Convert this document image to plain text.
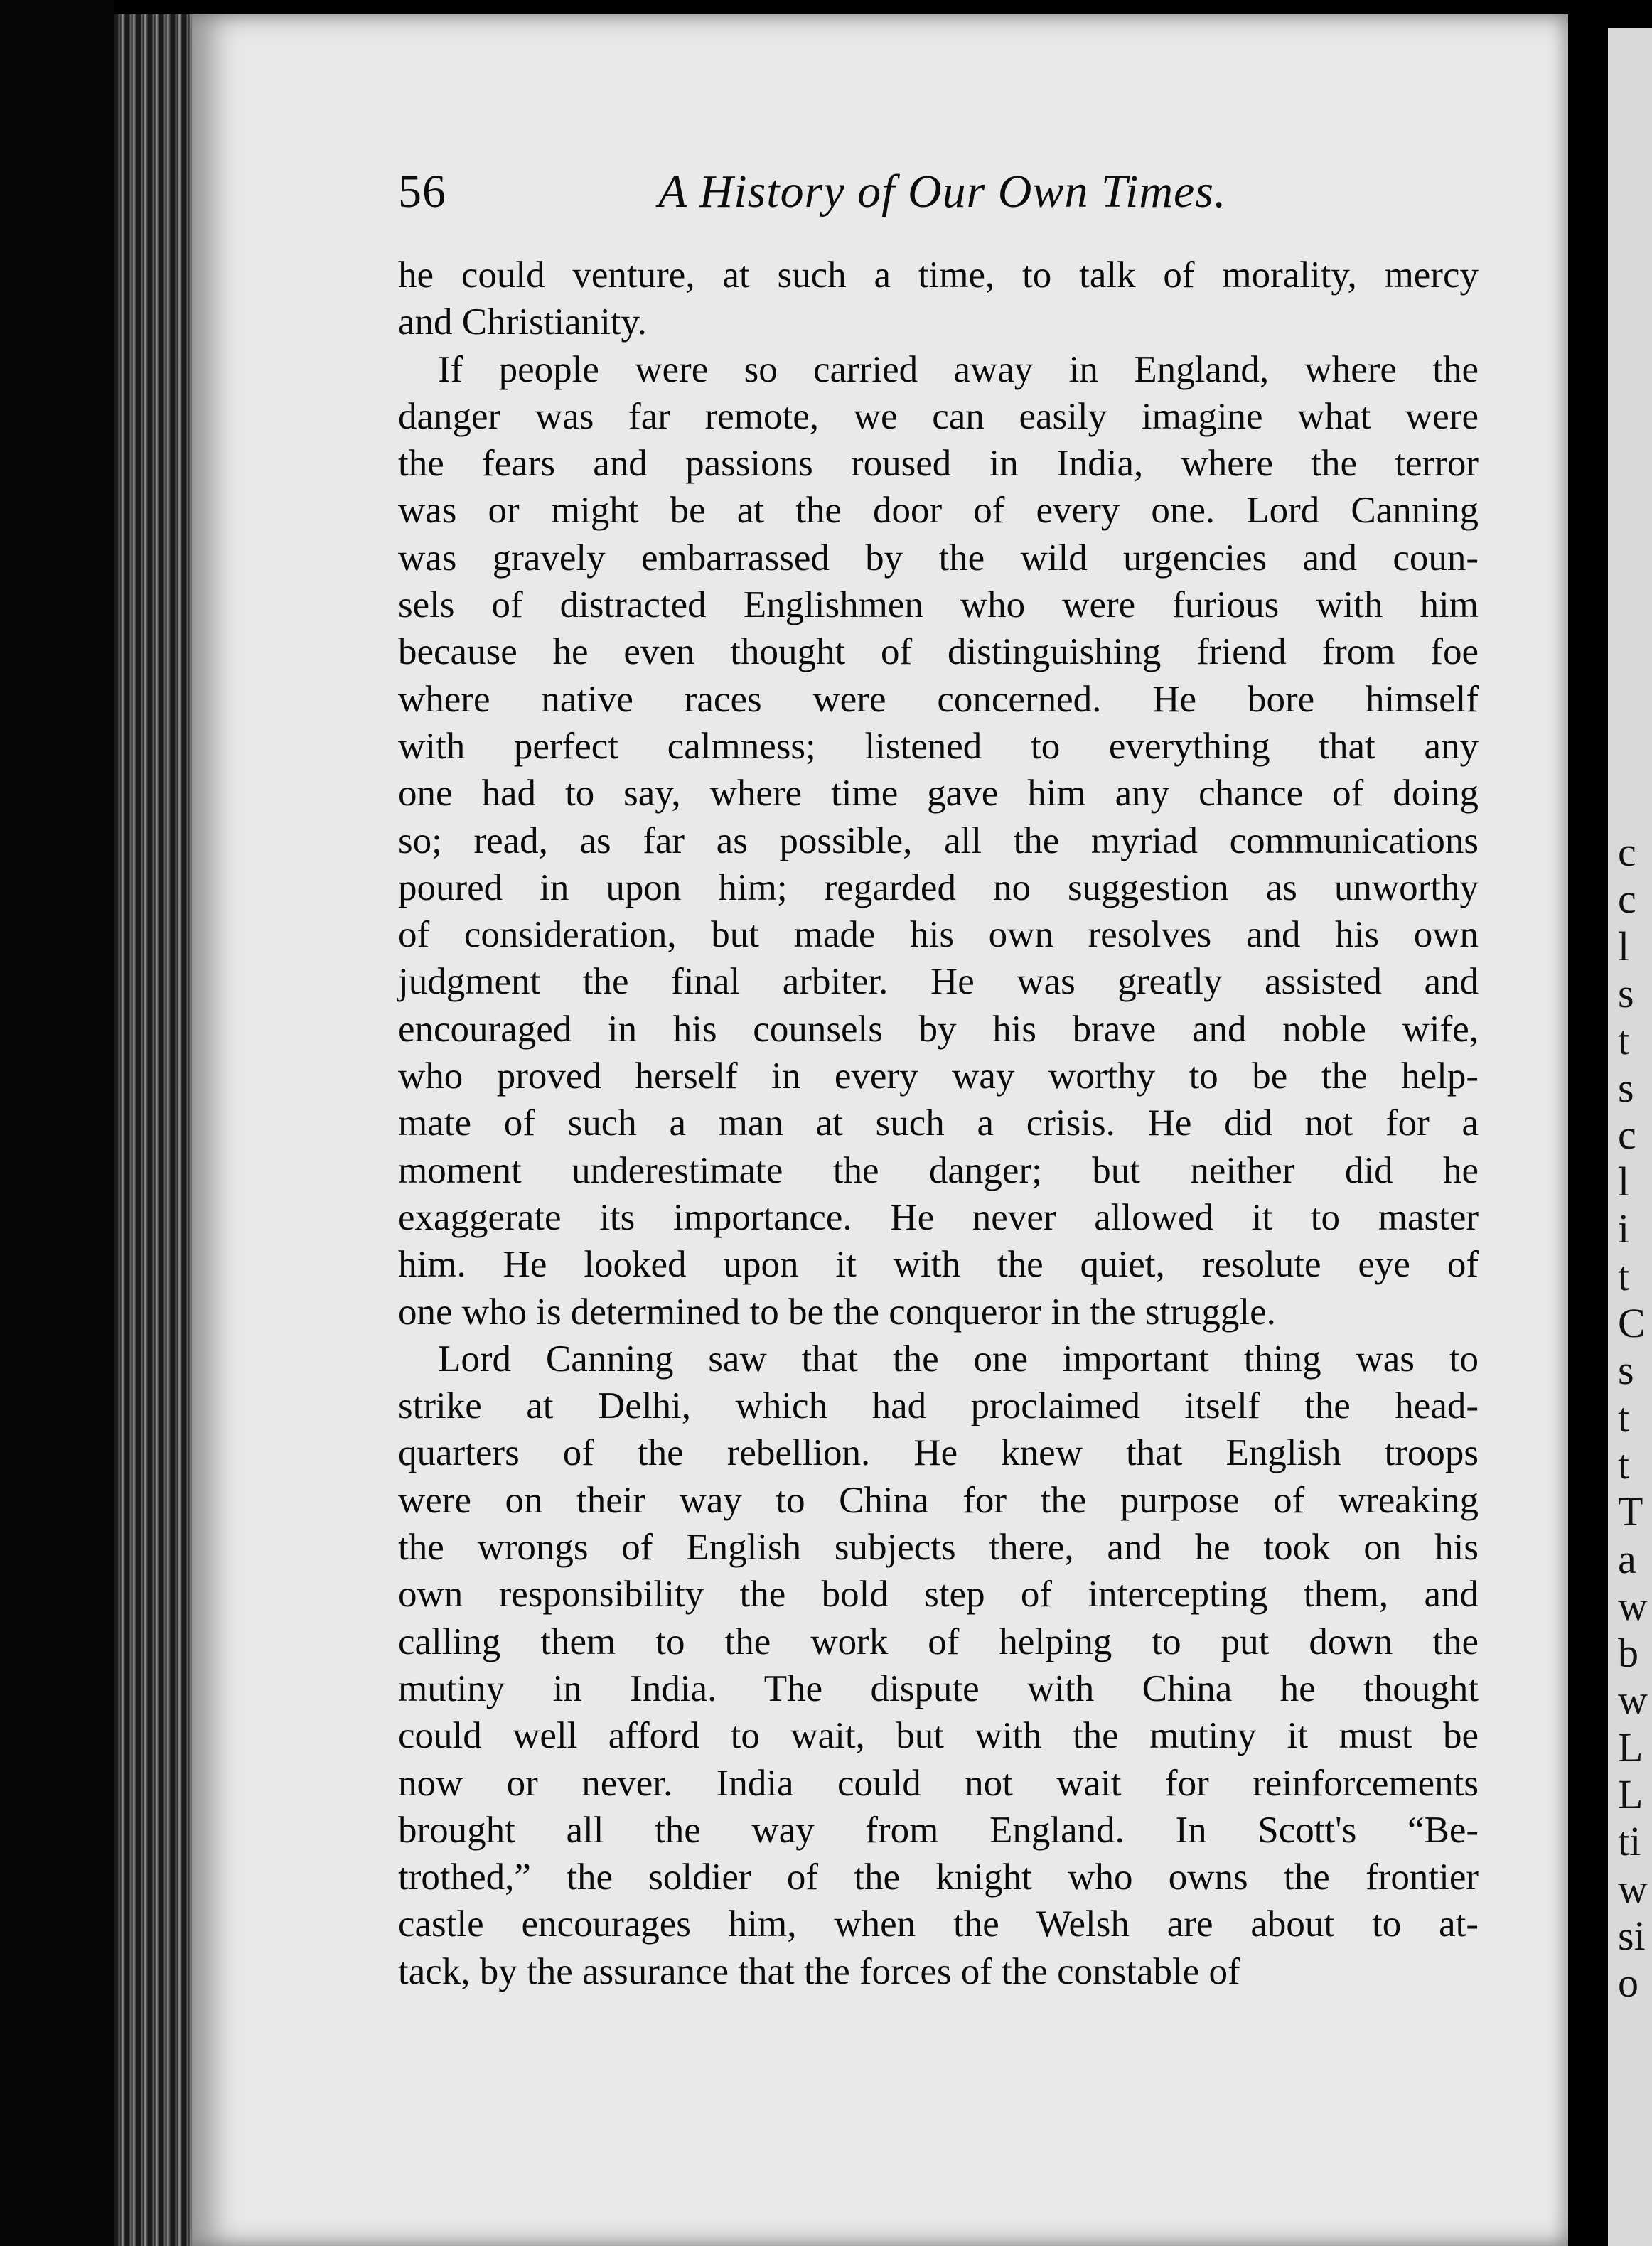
56	A History of Our Own Times.
he could venture, at such a time, to talk of morality, mercy
and Christianity.
If people were so carried away in England, where the
danger was far remote, we can easily imagine what were
the fears and passions roused in India, where the terror
was or might be at the door of every one. Lord Canning
was gravely embarrassed by the wild urgencies and coun-
sels of distracted Englishmen who were furious with him
because he even thought of distinguishing friend from foe
where native races were concerned. He bore himself
with perfect calmness; listened to everything that any
one had to say, where time gave him any chance of doing
so; read, as far as possible, all the myriad communications
poured in upon him; regarded no suggestion as unworthy
of consideration, but made his own resolves and his own
judgment the final arbiter. He was greatly assisted and
encouraged in his counsels by his brave and noble wife,
who proved herself in every way worthy to be the help-
mate of such a man at such a crisis. He did not for a
moment underestimate the danger; but neither did he
exaggerate its importance. He never allowed it to master
him. He looked upon it with the quiet, resolute eye of
one who is determined to be the conqueror in the struggle.
Lord Canning saw that the one important thing was to
strike at Delhi, which had proclaimed itself the head-
quarters of the rebellion. He knew that English troops
were on their way to China for the purpose of wreaking
the wrongs of English subjects there, and he took on his
own responsibility the bold step of intercepting them, and
calling them to the work of helping to put down the
mutiny in India. The dispute with China he thought
could well afford to wait, but with the mutiny it must be
now or never. India could not wait for reinforcements
brought all the way from England. In Scott's “Be-
trothed,” the soldier of the knight who owns the frontier
castle encourages him, when the Welsh are about to at-
tack, by the assurance that the forces of the constable of
c
c
l
s
t
s
c
l
i
t
C
s
t
t
T
a
w
b
w
L
L
ti
w
si
o
